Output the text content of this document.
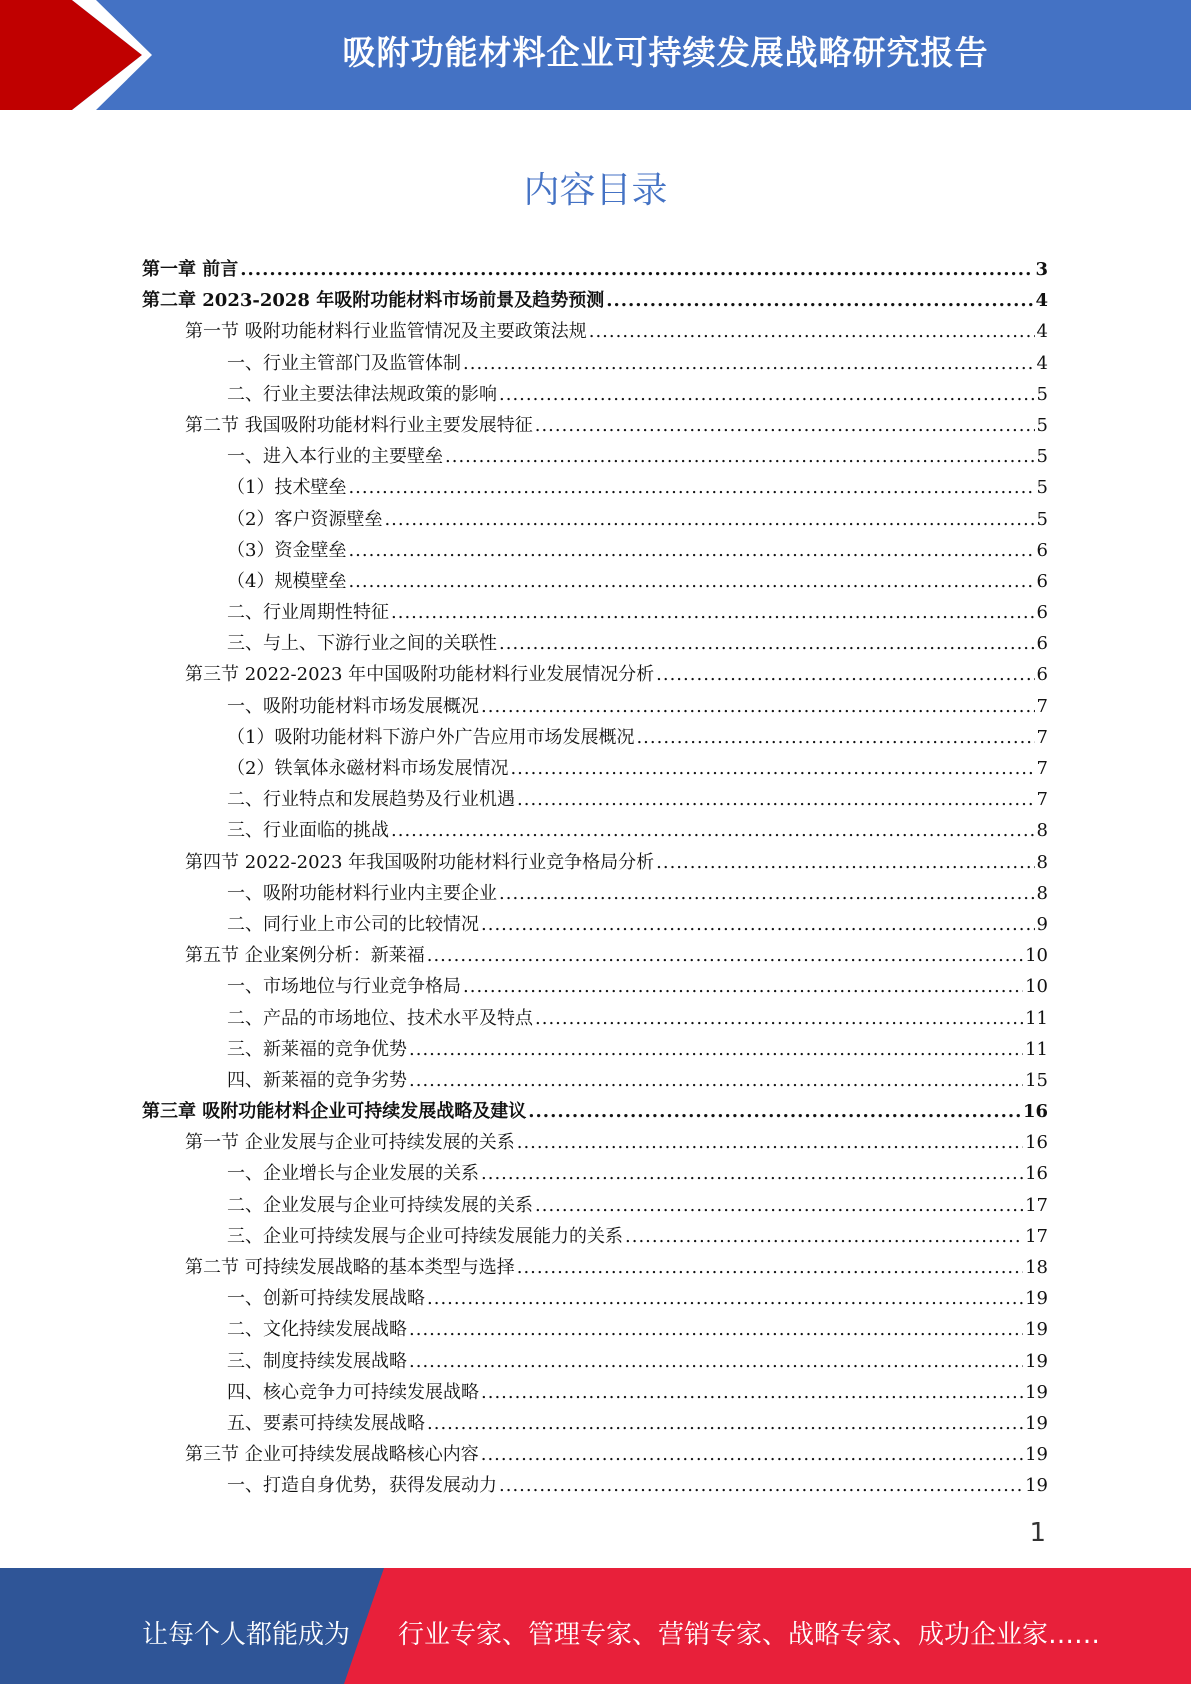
吸附功能材料企业可持续发展战略研究报告
内容目录
第一章 前言 .....	3
第二章 2023-2028 年吸附功能材料市场前景及趋势预测 .....	4
第一节 吸附功能材料行业监管情况及主要政策法规 .....	4
一、行业主管部门及监管体制 .....	4
二、行业主要法律法规政策的影响 .....	5
第二节 我国吸附功能材料行业主要发展特征 .....	5
一、进入本行业的主要壁垒 .....	5
（1）技术壁垒 .....	5
（2）客户资源壁垒 .....	5
（3）资金壁垒 .....	6
（4）规模壁垒 .....	6
二、行业周期性特征 .....	6
三、与上、下游行业之间的关联性 .....	6
第三节 2022-2023 年中国吸附功能材料行业发展情况分析 .....	6
一、吸附功能材料市场发展概况 .....	7
（1）吸附功能材料下游户外广告应用市场发展概况 .....	7
（2）铁氧体永磁材料市场发展情况 .....	7
二、行业特点和发展趋势及行业机遇 .....	7
三、行业面临的挑战 .....	8
第四节 2022-2023 年我国吸附功能材料行业竞争格局分析 .....	8
一、吸附功能材料行业内主要企业 .....	8
二、同行业上市公司的比较情况 .....	9
第五节 企业案例分析：新莱福 .....	10
一、市场地位与行业竞争格局 .....	10
二、产品的市场地位、技术水平及特点 .....	11
三、新莱福的竞争优势 .....	11
四、新莱福的竞争劣势 .....	15
第三章 吸附功能材料企业可持续发展战略及建议 .....	16
第一节 企业发展与企业可持续发展的关系 .....	16
一、企业增长与企业发展的关系 .....	16
二、企业发展与企业可持续发展的关系 .....	17
三、企业可持续发展与企业可持续发展能力的关系 .....	17
第二节 可持续发展战略的基本类型与选择 .....	18
一、创新可持续发展战略 .....	19
二、文化持续发展战略 .....	19
三、制度持续发展战略 .....	19
四、核心竞争力可持续发展战略 .....	19
五、要素可持续发展战略 .....	19
第三节 企业可持续发展战略核心内容 .....	19
一、打造自身优势，获得发展动力 .....	19
1
让每个人都能成为 行业专家、管理专家、营销专家、战略专家、成功企业家……
